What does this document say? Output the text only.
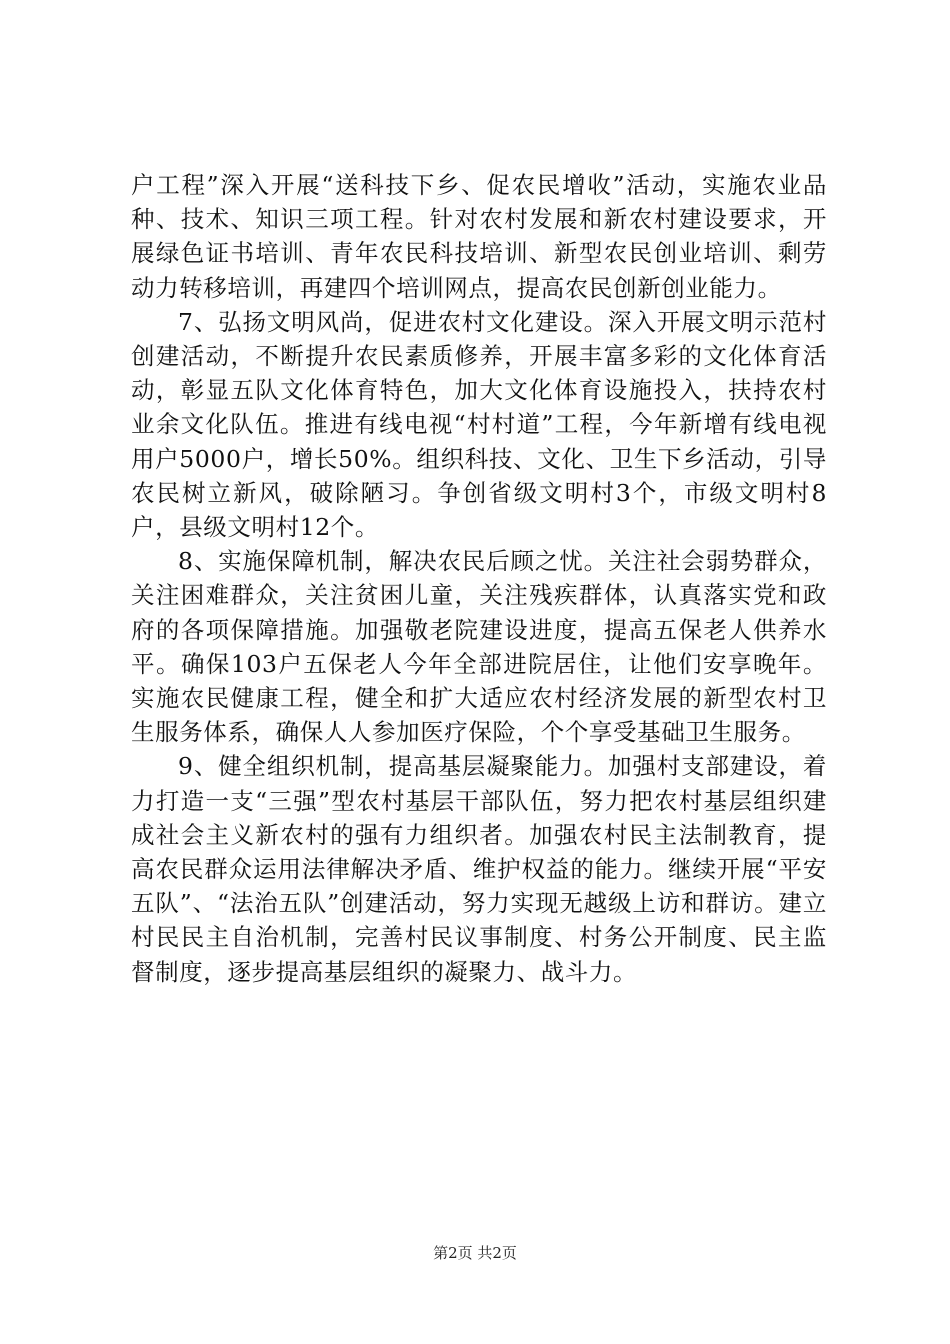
户工程”深入开展“送科技下乡、促农民增收”活动，实施农业品种、技术、知识三项工程。针对农村发展和新农村建设要求，开展绿色证书培训、青年农民科技培训、新型农民创业培训、剩劳动力转移培训，再建四个培训网点，提高农民创新创业能力。

7、弘扬文明风尚，促进农村文化建设。深入开展文明示范村创建活动，不断提升农民素质修养，开展丰富多彩的文化体育活动，彰显五队文化体育特色，加大文化体育设施投入，扶持农村业余文化队伍。推进有线电视“村村道”工程，今年新增有线电视用户5000户，增长50%。组织科技、文化、卫生下乡活动，引导农民树立新风，破除陋习。争创省级文明村3个，市级文明村8户，县级文明村12个。

8、实施保障机制，解决农民后顾之忧。关注社会弱势群众，关注困难群众，关注贫困儿童，关注残疾群体，认真落实党和政府的各项保障措施。加强敬老院建设进度，提高五保老人供养水平。确保103户五保老人今年全部进院居住，让他们安享晚年。实施农民健康工程，健全和扩大适应农村经济发展的新型农村卫生服务体系，确保人人参加医疗保险，个个享受基础卫生服务。

9、健全组织机制，提高基层凝聚能力。加强村支部建设，着力打造一支“三强”型农村基层干部队伍，努力把农村基层组织建成社会主义新农村的强有力组织者。加强农村民主法制教育，提高农民群众运用法律解决矛盾、维护权益的能力。继续开展“平安五队”、“法治五队”创建活动，努力实现无越级上访和群访。建立村民民主自治机制，完善村民议事制度、村务公开制度、民主监督制度，逐步提高基层组织的凝聚力、战斗力。

第2页 共2页
